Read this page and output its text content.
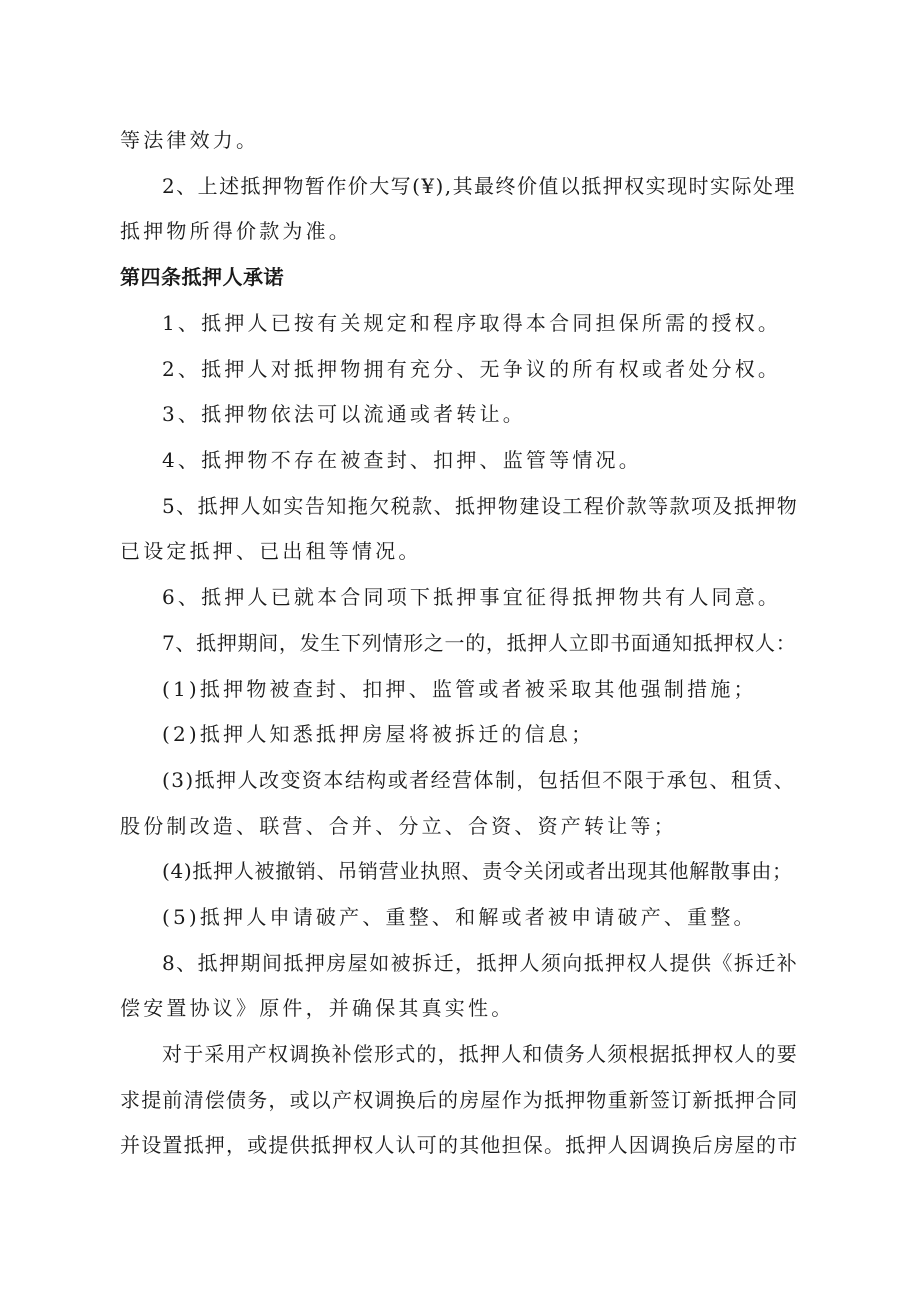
等法律效力。
2、上述抵押物暂作价大写(¥),其最终价值以抵押权实现时实际处理
抵押物所得价款为准。
第四条抵押人承诺
1、抵押人已按有关规定和程序取得本合同担保所需的授权。
2、抵押人对抵押物拥有充分、无争议的所有权或者处分权。
3、抵押物依法可以流通或者转让。
4、抵押物不存在被查封、扣押、监管等情况。
5、抵押人如实告知拖欠税款、抵押物建设工程价款等款项及抵押物
已设定抵押、已出租等情况。
6、抵押人已就本合同项下抵押事宜征得抵押物共有人同意。
7、抵押期间，发生下列情形之一的，抵押人立即书面通知抵押权人：
(1)抵押物被查封、扣押、监管或者被采取其他强制措施；
(2)抵押人知悉抵押房屋将被拆迁的信息；
(3)抵押人改变资本结构或者经营体制，包括但不限于承包、租赁、
股份制改造、联营、合并、分立、合资、资产转让等；
(4)抵押人被撤销、吊销营业执照、责令关闭或者出现其他解散事由；
(5)抵押人申请破产、重整、和解或者被申请破产、重整。
8、抵押期间抵押房屋如被拆迁，抵押人须向抵押权人提供《拆迁补
偿安置协议》原件，并确保其真实性。
对于采用产权调换补偿形式的，抵押人和债务人须根据抵押权人的要
求提前清偿债务，或以产权调换后的房屋作为抵押物重新签订新抵押合同
并设置抵押，或提供抵押权人认可的其他担保。抵押人因调换后房屋的市
